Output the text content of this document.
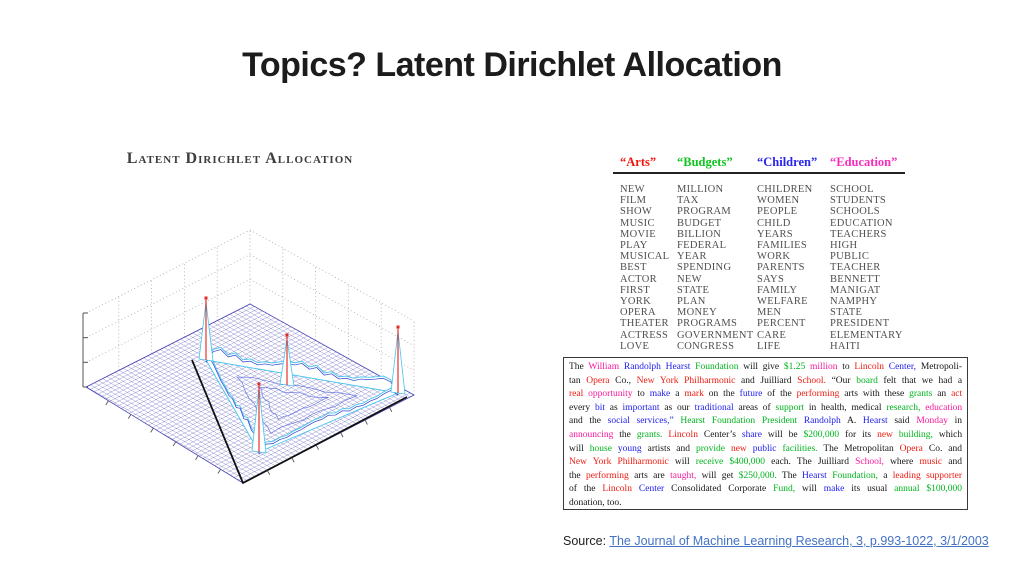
Topics? Latent Dirichlet Allocation
Latent Dirichlet Allocation	“Arts”
NEW
FILM
SHOW
MUSIC
MOVIE
PLAY
MUSICAL
BEST
ACTOR
FIRST
YORK
OPERA
THEATER
ACTRESS
LOVE
“Budgets”
MILLION
TAX
PROGRAM
BUDGET
BILLION
FEDERAL
YEAR
SPENDING
NEW
STATE
PLAN
MONEY
PROGRAMS
GOVERNMENT
CONGRESS
“Children”
CHILDREN
WOMEN
PEOPLE
CHILD
YEARS
FAMILIES
WORK
PARENTS
SAYS
FAMILY
WELFARE
MEN
PERCENT
CARE
LIFE
“Education”
SCHOOL
STUDENTS
SCHOOLS
EDUCATION
TEACHERS
HIGH
PUBLIC
TEACHER
BENNETT
MANIGAT
NAMPHY
STATE
PRESIDENT
ELEMENTARY
HAITI
The William Randolph Hearst Foundation will give $1.25 million to Lincoln Center, Metropoli-
tan Opera Co., New York Philharmonic and Juilliard School. “Our board felt that we had a
real opportunity to make a mark on the future of the performing arts with these grants an act
every bit as important as our traditional areas of support in health, medical research, education
and the social services,” Hearst Foundation President Randolph A. Hearst said Monday in
announcing the grants. Lincoln Center’s share will be $200,000 for its new building, which
will house young artists and provide new public facilities. The Metropolitan Opera Co. and
New York Philharmonic will receive $400,000 each. The Juilliard School, where music and
the performing arts are taught, will get $250,000. The Hearst Foundation, a leading supporter
of the Lincoln Center Consolidated Corporate Fund, will make its usual annual $100,000
donation, too.
Source: The Journal of Machine Learning Research, 3, p.993-1022, 3/1/2003
